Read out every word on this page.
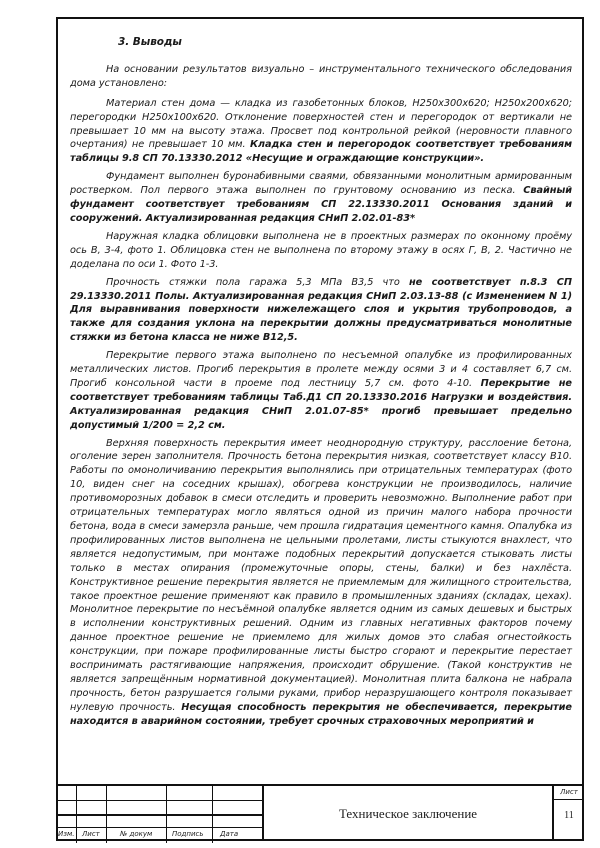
3. Выводы

На основании результатов визуально – инструментального технического обследования дома установлено:

Материал стен дома — кладка из газобетонных блоков, H250x300x620; H250x200x620; перегородки H250x100x620. Отклонение поверхностей стен и перегородок от вертикали не превышает 10 мм на высоту этажа. Просвет под контрольной рейкой (неровности плавного очертания) не превышает 10 мм. Кладка стен и перегородок соответствует требованиям таблицы 9.8 СП 70.13330.2012 «Несущие и ограждающие конструкции».

Фундамент выполнен буронабивными сваями, обвязанными монолитным армированным ростверком. Пол первого этажа выполнен по грунтовому основанию из песка. Свайный фундамент соответствует требованиям СП 22.13330.2011 Основания зданий и сооружений. Актуализированная редакция СНиП 2.02.01-83*

Наружная кладка облицовки выполнена не в проектных размерах по оконному проёму ось В, 3-4, фото 1. Облицовка стен не выполнена по второму этажу в осях Г, В, 2. Частично не доделана по оси 1. Фото 1-3.

Прочность стяжки пола гаража 5,3 МПа В3,5 что не соответствует п.8.3 СП 29.13330.2011 Полы. Актуализированная редакция СНиП 2.03.13-88 (с Изменением N 1) Для выравнивания поверхности нижележащего слоя и укрытия трубопроводов, а также для создания уклона на перекрытии должны предусматриваться монолитные стяжки из бетона класса не ниже В12,5.

Перекрытие первого этажа выполнено по несъемной опалубке из профилированных металлических листов. Прогиб перекрытия в пролете между осями 3 и 4 составляет 6,7 см. Прогиб консольной части в проеме под лестницу 5,7 см. фото 4-10. Перекрытие не соответствует требованиям таблицы Таб.Д1 СП 20.13330.2016 Нагрузки и воздействия. Актуализированная редакция СНиП 2.01.07-85* прогиб превышает предельно допустимый 1/200 = 2,2 см.

Верхняя поверхность перекрытия имеет неоднородную структуру, расслоение бетона, оголение зерен заполнителя. Прочность бетона перекрытия низкая, соответствует классу В10. Работы по омоноличиванию перекрытия выполнялись при отрицательных температурах (фото 10, виден снег на соседних крышах), обогрева конструкции не производилось, наличие противоморозных добавок в смеси отследить и проверить невозможно. Выполнение работ при отрицательных температурах могло являться одной из причин малого набора прочности бетона, вода в смеси замерзла раньше, чем прошла гидратация цементного камня. Опалубка из профилированных листов выполнена не цельными пролетами, листы стыкуются внахлест, что является недопустимым, при монтаже подобных перекрытий допускается стыковать листы только в местах опирания (промежуточные опоры, стены, балки) и без нахлёста. Конструктивное решение перекрытия является не приемлемым для жилищного строительства, такое проектное решение применяют как правило в промышленных зданиях (складах, цехах). Монолитное перекрытие по несъёмной опалубке является одним из самых дешевых и быстрых в исполнении конструктивных решений. Одним из главных негативных факторов почему данное проектное решение не приемлемо для жилых домов это слабая огнестойкость конструкции, при пожаре профилированные листы быстро сгорают и перекрытие перестает воспринимать растягивающие напряжения, происходит обрушение. (Такой конструктив не является запрещённым нормативной документацией). Монолитная плита балкона не набрала прочность, бетон разрушается голыми руками, прибор неразрушающего контроля показывает нулевую прочность. Несущая способность перекрытия не обеспечивается, перекрытие находится в аварийном состоянии, требует срочных страховочных мероприятий и

Изм. Лист	№ докум	Подпись Дата
Техническое заключение
Лист
11
